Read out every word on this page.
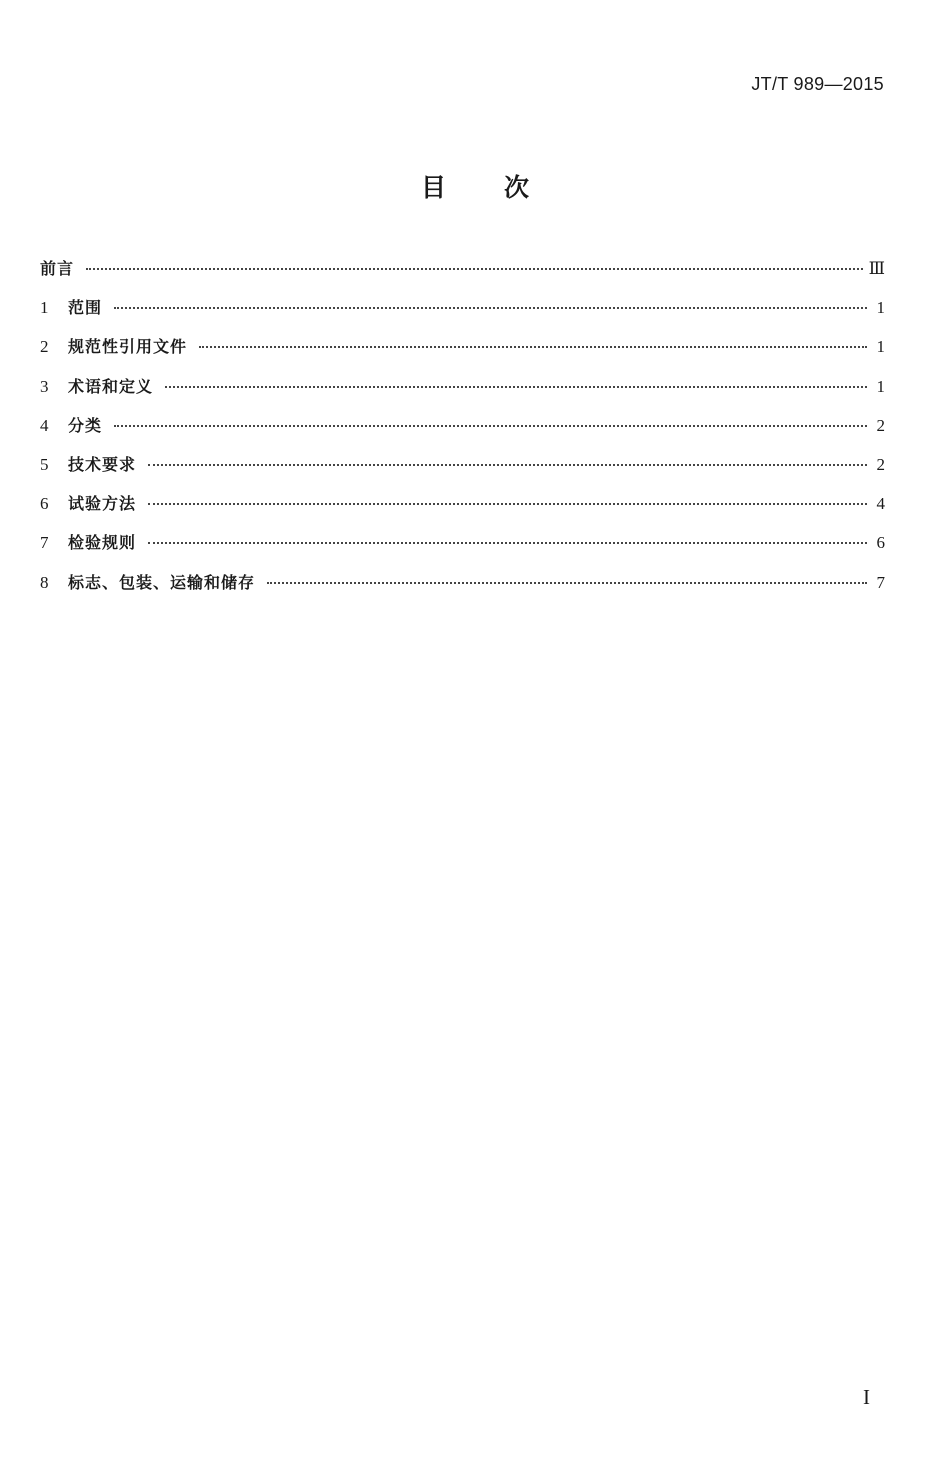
JT/T 989—2015
目 次
前言	Ⅲ
1	范围	1
2	规范性引用文件	1
3	术语和定义	1
4	分类	2
5	技术要求	2
6	试验方法	4
7	检验规则	6
8	标志、包装、运输和储存	7
I
